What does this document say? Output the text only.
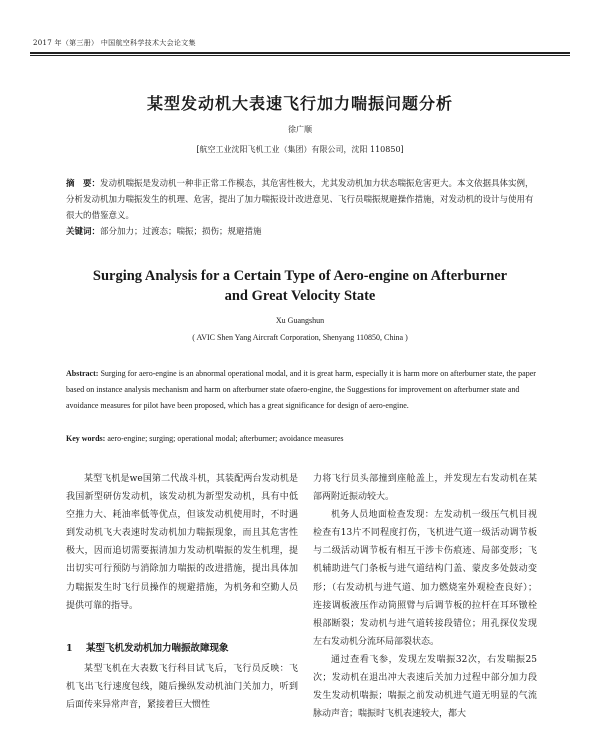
2017 年（第三册） 中国航空科学技术大会论文集
某型发动机大表速飞行加力喘振问题分析
徐广顺
[航空工业沈阳飞机工业（集团）有限公司，沈阳 110850]
摘　要：发动机喘振是发动机一种非正常工作模态，其危害性极大，尤其发动机加力状态喘振危害更大。本文依据具体实例，分析发动机加力喘振发生的机理、危害，提出了加力喘振设计改进意见、飞行员喘振规避操作措施，对发动机的设计与使用有很大的借鉴意义。
关键词：部分加力；过渡态；喘振；损伤；规避措施
Surging Analysis for a Certain Type of Aero-engine on Afterburner
and Great Velocity State
Xu Guangshun
( AVIC Shen Yang Aircraft Corporation, Shenyang 110850, China )
Abstract: Surging for aero-engine is an abnormal operational modal, and it is great harm, especially it is harm more on afterburner state, the paper based on instance analysis mechanism and harm on afterburner state ofaero-engine, the Suggestions for improvement on afterburner state and avoidance measures for pilot have been proposed, which has a great significance for design of aero-engine.
Key words: aero-engine; surging; operational modal; afterburner; avoidance measures

某型飞机是we国第二代战斗机，其装配两台发动机是我国新型研仿发动机，该发动机为新型发动机，具有中低空推力大、耗油率低等优点，但该发动机使用时，不时遇到发动机飞大表速时发动机加力喘振现象，而且其危害性极大，因而追切需要振清加力发动机喘振的发生机理，提出切实可行预防与消除加力喘振的改进措施，提出具体加力喘振发生时飞行员操作的规避措施，为机务和空勤人员提供可靠的指导。

1 某型飞机发动机加力喘振故障现象

某型飞机在大表数飞行科目试飞后，飞行员反映：飞机飞出飞行速度包线，随后操纵发动机油门关加力，听到后面传来异常声音，紧接着巨大惯性

力将飞行员头部撞到座舱盖上，并发现左右发动机在某部两附近振动较大。

机务人员地面检查发现：左发动机一级压气机目视检查有13片不同程度打伤，飞机进气道一级活动调节板与二级活动调节板有相互干涉卡伤痕迹、局部变形；飞机辅助进气门条板与进气道结构门盖、蒙皮多处鼓动变形；（右发动机与进气道、加力燃烧室外观检查良好）；连接调板液压作动筒照臂与后调节板的拉杆在耳环镦栓根部断裂；发动机与进气道转接段错位；用孔探仪发现左右发动机分流环局部裂状态。

通过查看飞参，发现左发喘振32次，右发喘振25次；发动机在退出冲大表速后关加力过程中部分加力段发生发动机喘振；喘振之前发动机进气道无明显的气流脉动声音；喘振时飞机表速较大，都大
